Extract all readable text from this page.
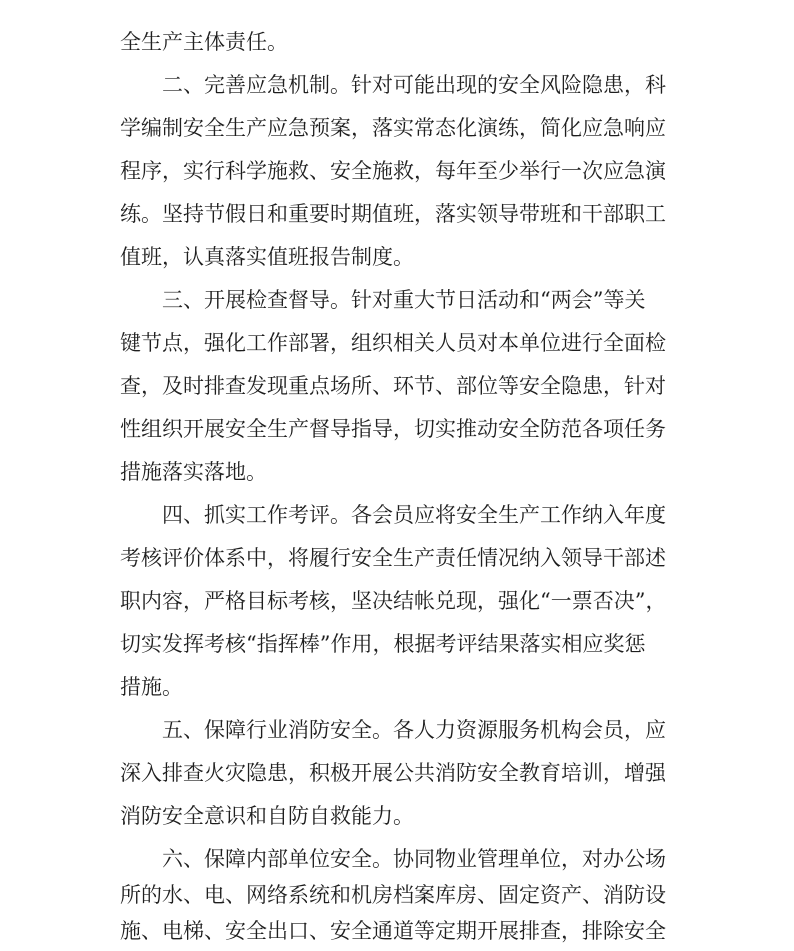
全生产主体责任。
二、完善应急机制。针对可能出现的安全风险隐患，科
学编制安全生产应急预案，落实常态化演练，简化应急响应
程序，实行科学施救、安全施救，每年至少举行一次应急演
练。坚持节假日和重要时期值班，落实领导带班和干部职工
值班，认真落实值班报告制度。
三、开展检查督导。针对重大节日活动和“两会”等关
键节点，强化工作部署，组织相关人员对本单位进行全面检
查，及时排查发现重点场所、环节、部位等安全隐患，针对
性组织开展安全生产督导指导，切实推动安全防范各项任务
措施落实落地。
四、抓实工作考评。各会员应将安全生产工作纳入年度
考核评价体系中，将履行安全生产责任情况纳入领导干部述
职内容，严格目标考核，坚决结帐兑现，强化“一票否决”，
切实发挥考核“指挥棒”作用，根据考评结果落实相应奖惩
措施。
五、保障行业消防安全。各人力资源服务机构会员，应
深入排查火灾隐患，积极开展公共消防安全教育培训，增强
消防安全意识和自防自救能力。
六、保障内部单位安全。协同物业管理单位，对办公场
所的水、电、网络系统和机房档案库房、固定资产、消防设
施、电梯、安全出口、安全通道等定期开展排查，排除安全
